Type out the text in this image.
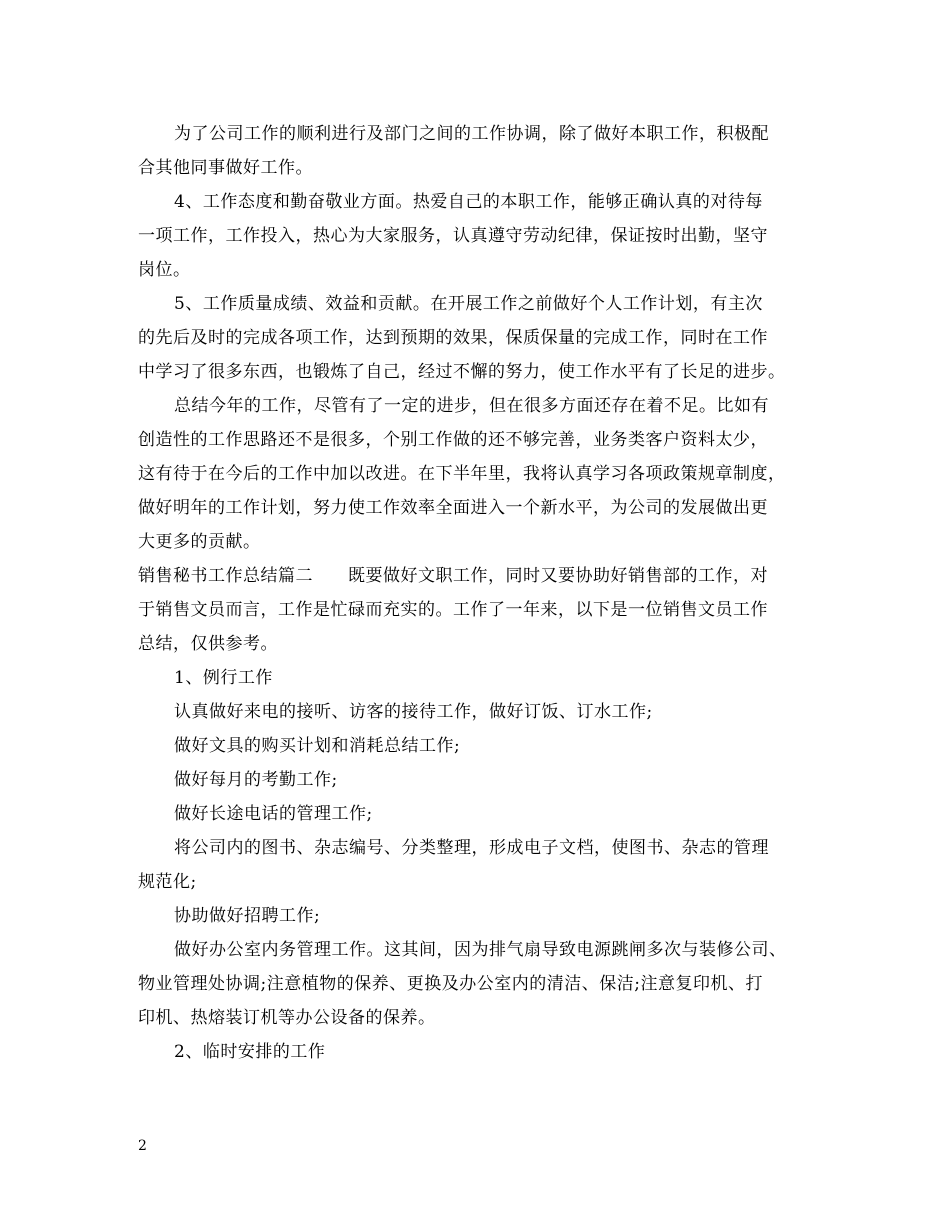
为了公司工作的顺利进行及部门之间的工作协调，除了做好本职工作，积极配
合其他同事做好工作。
4、工作态度和勤奋敬业方面。热爱自己的本职工作，能够正确认真的对待每
一项工作，工作投入，热心为大家服务，认真遵守劳动纪律，保证按时出勤，坚守
岗位。
5、工作质量成绩、效益和贡献。在开展工作之前做好个人工作计划，有主次
的先后及时的完成各项工作，达到预期的效果，保质保量的完成工作，同时在工作
中学习了很多东西，也锻炼了自己，经过不懈的努力，使工作水平有了长足的进步。
总结今年的工作，尽管有了一定的进步，但在很多方面还存在着不足。比如有
创造性的工作思路还不是很多，个别工作做的还不够完善，业务类客户资料太少，
这有待于在今后的工作中加以改进。在下半年里，我将认真学习各项政策规章制度，
做好明年的工作计划，努力使工作效率全面进入一个新水平，为公司的发展做出更
大更多的贡献。
销售秘书工作总结篇二　　既要做好文职工作，同时又要协助好销售部的工作，对
于销售文员而言，工作是忙碌而充实的。工作了一年来，以下是一位销售文员工作
总结，仅供参考。
1、例行工作
认真做好来电的接听、访客的接待工作，做好订饭、订水工作;
做好文具的购买计划和消耗总结工作;
做好每月的考勤工作;
做好长途电话的管理工作;
将公司内的图书、杂志编号、分类整理，形成电子文档，使图书、杂志的管理
规范化;
协助做好招聘工作;
做好办公室内务管理工作。这其间，因为排气扇导致电源跳闸多次与装修公司、
物业管理处协调;注意植物的保养、更换及办公室内的清洁、保洁;注意复印机、打
印机、热熔装订机等办公设备的保养。
2、临时安排的工作
2
